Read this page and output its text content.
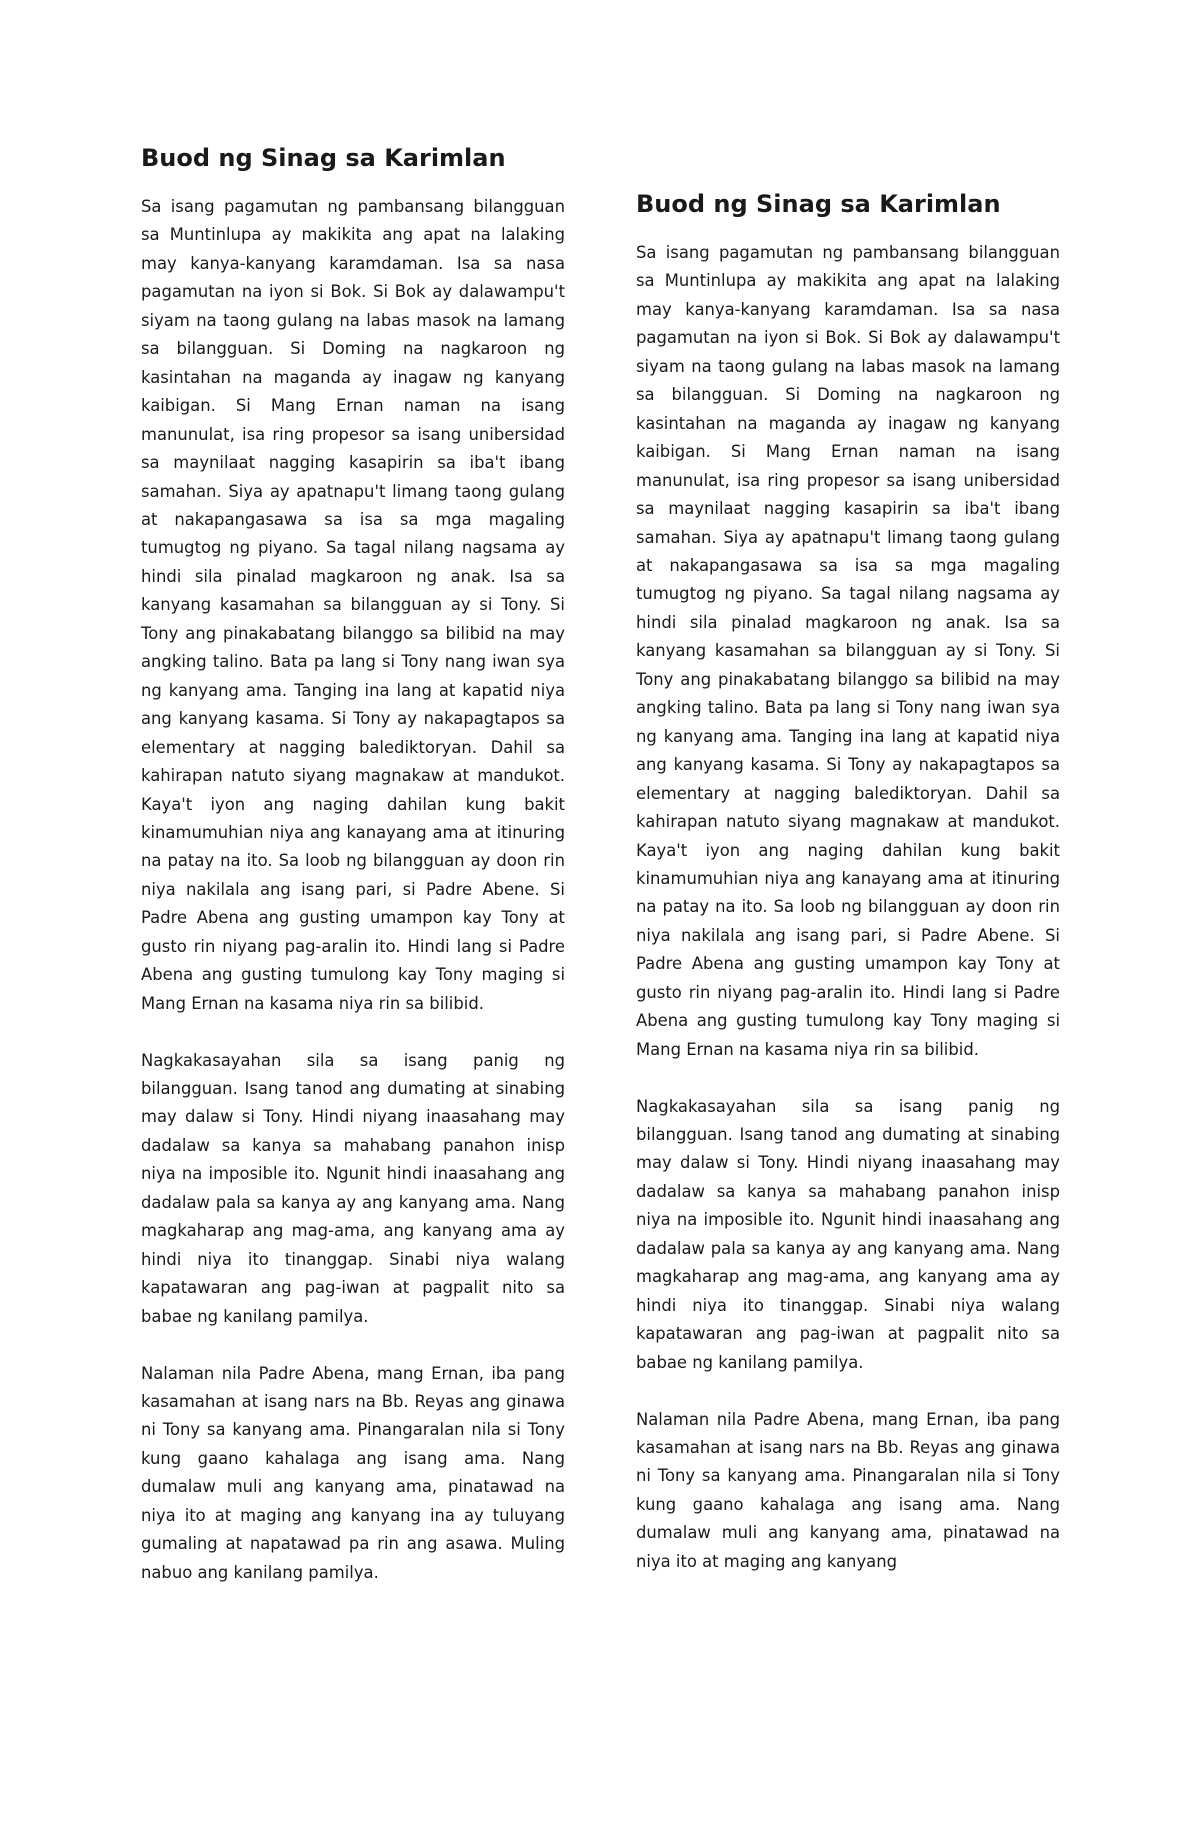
Buod ng Sinag sa Karimlan

Sa isang pagamutan ng pambansang bilangguan sa Muntinlupa ay makikita ang apat na lalaking may kanya-kanyang karamdaman. Isa sa nasa pagamutan na iyon si Bok. Si Bok ay dalawampu't siyam na taong gulang na labas masok na lamang sa bilangguan. Si Doming na nagkaroon ng kasintahan na maganda ay inagaw ng kanyang kaibigan. Si Mang Ernan naman na isang manunulat, isa ring propesor sa isang unibersidad sa maynilaat nagging kasapirin sa iba't ibang samahan. Siya ay apatnapu't limang taong gulang at nakapangasawa sa isa sa mga magaling tumugtog ng piyano. Sa tagal nilang nagsama ay hindi sila pinalad magkaroon ng anak. Isa sa kanyang kasamahan sa bilangguan ay si Tony. Si Tony ang pinakabatang bilanggo sa bilibid na may angking talino. Bata pa lang si Tony nang iwan sya ng kanyang ama. Tanging ina lang at kapatid niya ang kanyang kasama. Si Tony ay nakapagtapos sa elementary at nagging balediktoryan. Dahil sa kahirapan natuto siyang magnakaw at mandukot. Kaya't iyon ang naging dahilan kung bakit kinamumuhian niya ang kanayang ama at itinuring na patay na ito. Sa loob ng bilangguan ay doon rin niya nakilala ang isang pari, si Padre Abene. Si Padre Abena ang gusting umampon kay Tony at gusto rin niyang pag-aralin ito. Hindi lang si Padre Abena ang gusting tumulong kay Tony maging si Mang Ernan na kasama niya rin sa bilibid.

Nagkakasayahan sila sa isang panig ng bilangguan. Isang tanod ang dumating at sinabing may dalaw si Tony. Hindi niyang inaasahang may dadalaw sa kanya sa mahabang panahon inisp niya na imposible ito. Ngunit hindi inaasahang ang dadalaw pala sa kanya ay ang kanyang ama. Nang magkaharap ang mag-ama, ang kanyang ama ay hindi niya ito tinanggap. Sinabi niya walang kapatawaran ang pag-iwan at pagpalit nito sa babae ng kanilang pamilya.

Nalaman nila Padre Abena, mang Ernan, iba pang kasamahan at isang nars na Bb. Reyas ang ginawa ni Tony sa kanyang ama. Pinangaralan nila si Tony kung gaano kahalaga ang isang ama. Nang dumalaw muli ang kanyang ama, pinatawad na niya ito at maging ang kanyang ina ay tuluyang gumaling at napatawad pa rin ang asawa. Muling nabuo ang kanilang pamilya.

Buod ng Sinag sa Karimlan

Sa isang pagamutan ng pambansang bilangguan sa Muntinlupa ay makikita ang apat na lalaking may kanya-kanyang karamdaman. Isa sa nasa pagamutan na iyon si Bok. Si Bok ay dalawampu't siyam na taong gulang na labas masok na lamang sa bilangguan. Si Doming na nagkaroon ng kasintahan na maganda ay inagaw ng kanyang kaibigan. Si Mang Ernan naman na isang manunulat, isa ring propesor sa isang unibersidad sa maynilaat nagging kasapirin sa iba't ibang samahan. Siya ay apatnapu't limang taong gulang at nakapangasawa sa isa sa mga magaling tumugtog ng piyano. Sa tagal nilang nagsama ay hindi sila pinalad magkaroon ng anak. Isa sa kanyang kasamahan sa bilangguan ay si Tony. Si Tony ang pinakabatang bilanggo sa bilibid na may angking talino. Bata pa lang si Tony nang iwan sya ng kanyang ama. Tanging ina lang at kapatid niya ang kanyang kasama. Si Tony ay nakapagtapos sa elementary at nagging balediktoryan. Dahil sa kahirapan natuto siyang magnakaw at mandukot. Kaya't iyon ang naging dahilan kung bakit kinamumuhian niya ang kanayang ama at itinuring na patay na ito. Sa loob ng bilangguan ay doon rin niya nakilala ang isang pari, si Padre Abene. Si Padre Abena ang gusting umampon kay Tony at gusto rin niyang pag-aralin ito. Hindi lang si Padre Abena ang gusting tumulong kay Tony maging si Mang Ernan na kasama niya rin sa bilibid.

Nagkakasayahan sila sa isang panig ng bilangguan. Isang tanod ang dumating at sinabing may dalaw si Tony. Hindi niyang inaasahang may dadalaw sa kanya sa mahabang panahon inisp niya na imposible ito. Ngunit hindi inaasahang ang dadalaw pala sa kanya ay ang kanyang ama. Nang magkaharap ang mag-ama, ang kanyang ama ay hindi niya ito tinanggap. Sinabi niya walang kapatawaran ang pag-iwan at pagpalit nito sa babae ng kanilang pamilya.

Nalaman nila Padre Abena, mang Ernan, iba pang kasamahan at isang nars na Bb. Reyas ang ginawa ni Tony sa kanyang ama. Pinangaralan nila si Tony kung gaano kahalaga ang isang ama. Nang dumalaw muli ang kanyang ama, pinatawad na niya ito at maging ang kanyang
